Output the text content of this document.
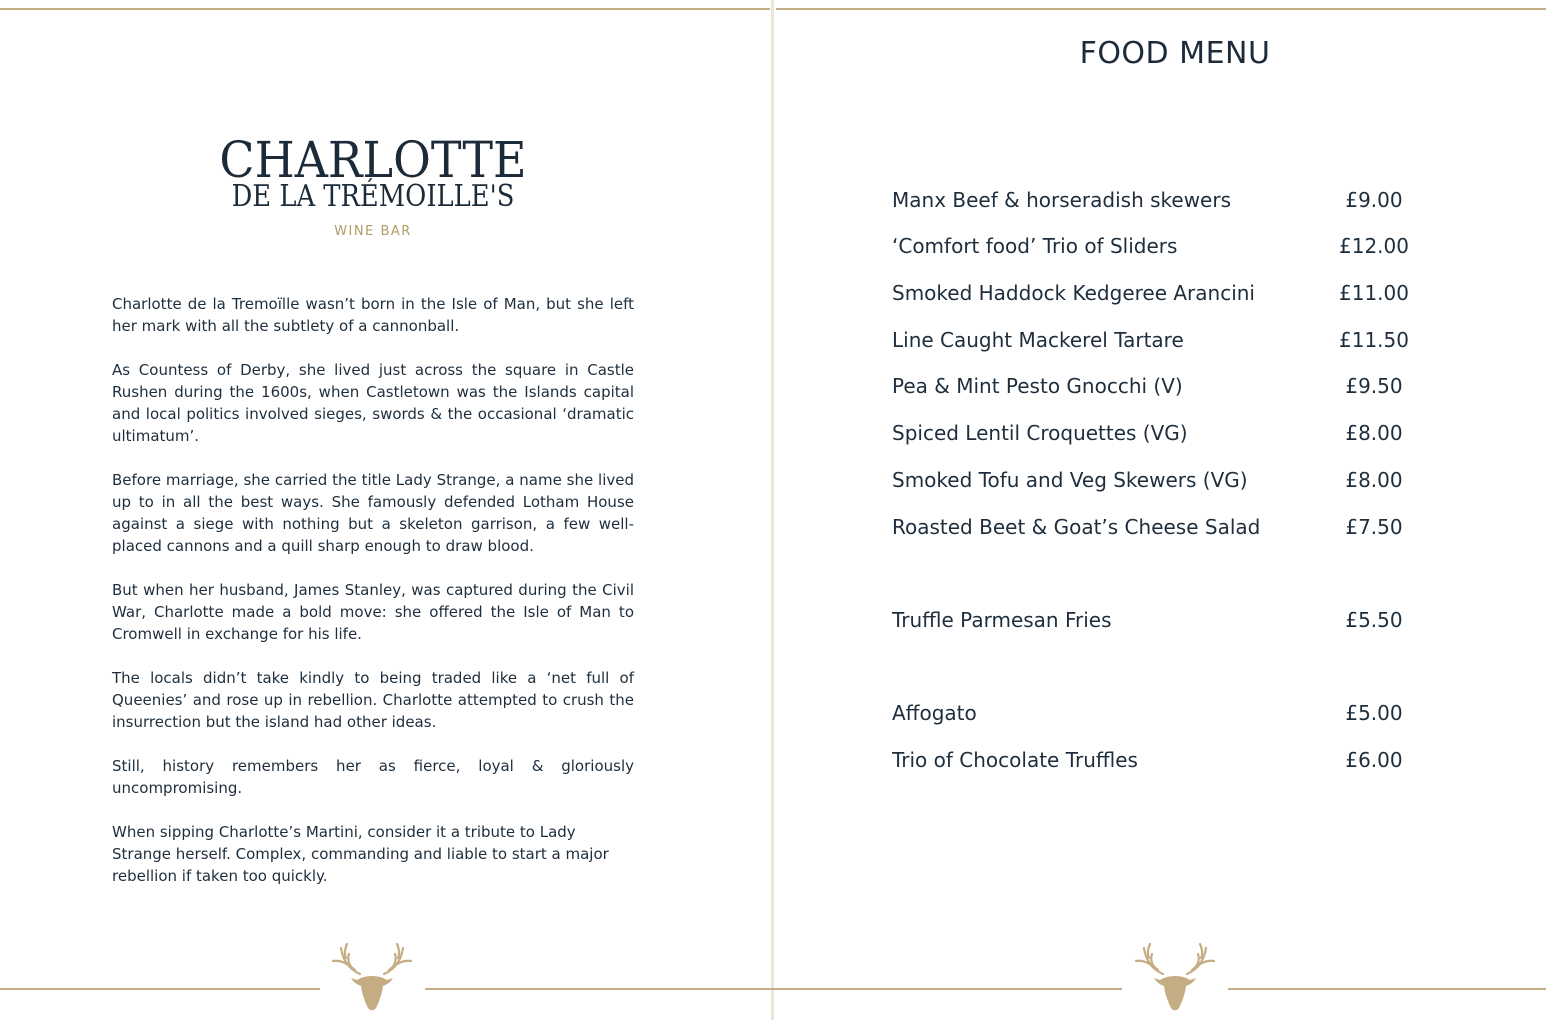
CHARLOTTE
DE LA TRÉMOILLE'S
WINE BAR

Charlotte de la Tremoïlle wasn’t born in the Isle of Man, but she left her mark with all the subtlety of a cannonball.

As Countess of Derby, she lived just across the square in Castle Rushen during the 1600s, when Castletown was the Islands capital and local politics involved sieges, swords & the occasional ‘dramatic ultimatum’.

Before marriage, she carried the title Lady Strange, a name she lived up to in all the best ways. She famously defended Lotham House against a siege with nothing but a skeleton garrison, a few well-placed cannons and a quill sharp enough to draw blood.

But when her husband, James Stanley, was captured during the Civil War, Charlotte made a bold move: she offered the Isle of Man to Cromwell in exchange for his life.

The locals didn’t take kindly to being traded like a ‘net full of Queenies’ and rose up in rebellion. Charlotte attempted to crush the insurrection but the island had other ideas.

Still, history remembers her as fierce, loyal & gloriously uncompromising.

When sipping Charlotte’s Martini, consider it a tribute to Lady Strange herself. Complex, commanding and liable to start a major rebellion if taken too quickly.

FOOD MENU
Manx Beef & horseradish skewers	£9.00
‘Comfort food’ Trio of Sliders	£12.00
Smoked Haddock Kedgeree Arancini	£11.00
Line Caught Mackerel Tartare	£11.50
Pea & Mint Pesto Gnocchi (V)	£9.50
Spiced Lentil Croquettes (VG)	£8.00
Smoked Tofu and Veg Skewers (VG)	£8.00
Roasted Beet & Goat’s Cheese Salad	£7.50
Truffle Parmesan Fries	£5.50
Affogato	£5.00
Trio of Chocolate Truffles	£6.00
